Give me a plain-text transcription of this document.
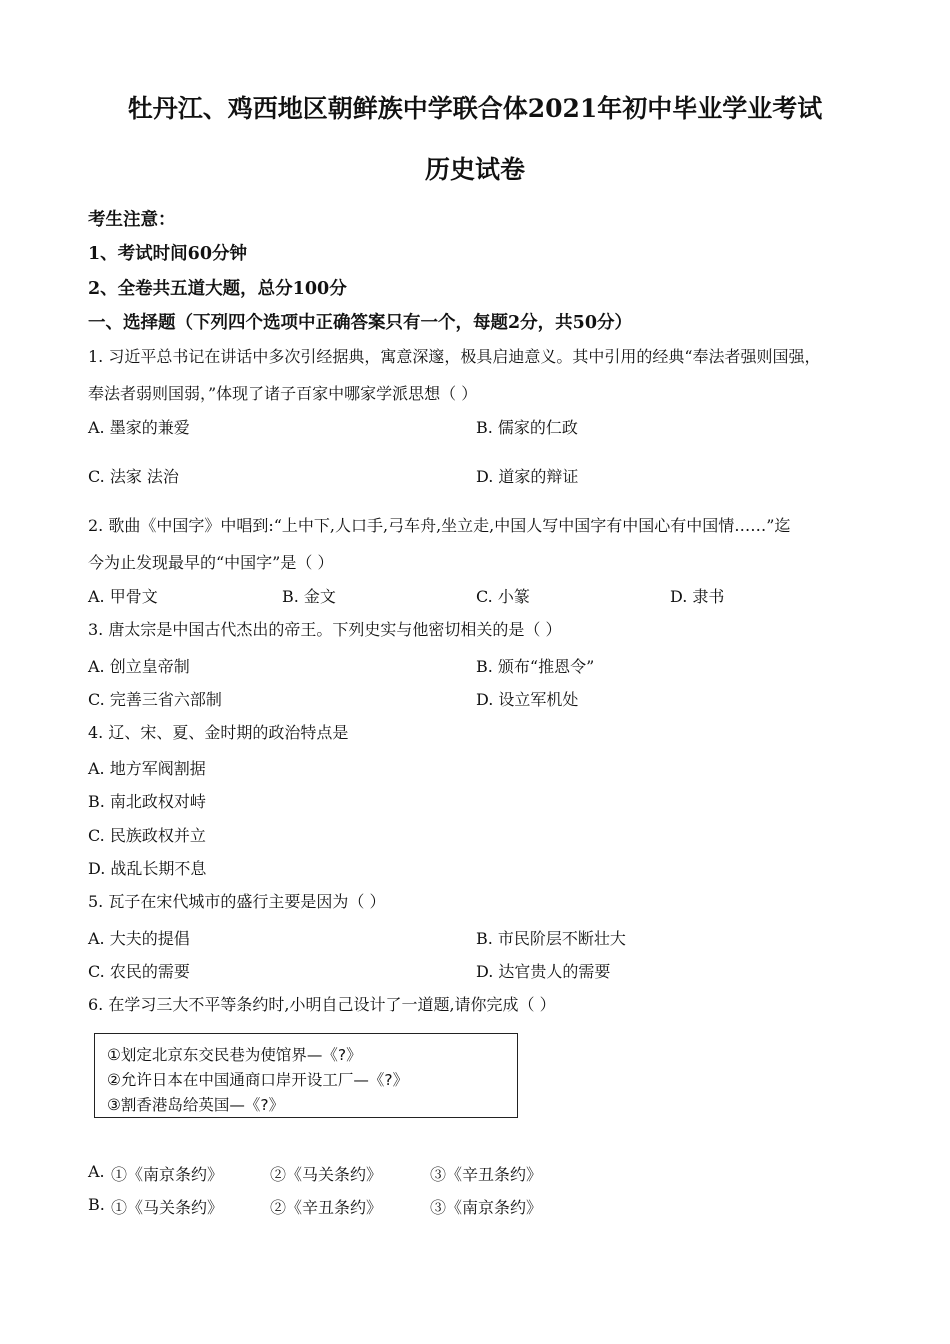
牡丹江、鸡西地区朝鲜族中学联合体2021年初中毕业学业考试
历史试卷
考生注意：
1、考试时间60分钟
2、全卷共五道大题，总分100分
一、选择题（下列四个选项中正确答案只有一个，每题2分，共50分）
1. 习近平总书记在讲话中多次引经据典，寓意深邃，极具启迪意义。其中引用的经典“奉法者强则国强，
奉法者弱则国弱，”体现了诸子百家中哪家学派思想（ ）
A. 墨家的兼爱	B. 儒家的仁政
C. 法家 法治	D. 道家的辩证
2. 歌曲《中国字》中唱到:“上中下,人口手,弓车舟,坐立走,中国人写中国字有中国心有中国情……”迄
今为止发现最早的“中国字”是（ ）
A. 甲骨文	B. 金文	C. 小篆	D. 隶书
3. 唐太宗是中国古代杰出的帝王。下列史实与他密切相关的是（ ）
A. 创立皇帝制	B. 颁布“推恩令”
C. 完善三省六部制	D. 设立军机处
4. 辽、宋、夏、金时期的政治特点是
A. 地方军阀割据
B. 南北政权对峙
C. 民族政权并立
D. 战乱长期不息
5. 瓦子在宋代城市的盛行主要是因为（ ）
A. 大夫的提倡	B. 市民阶层不断壮大
C. 农民的需要	D. 达官贵人的需要
6. 在学习三大不平等条约时,小明自己设计了一道题,请你完成（ ）
①划定北京东交民巷为使馆界—《?》
②允许日本在中国通商口岸开设工厂—《?》
③割香港岛给英国—《?》
A. ①《南京条约》	②《马关条约》	③《辛丑条约》
B. ①《马关条约》	②《辛丑条约》	③《南京条约》
